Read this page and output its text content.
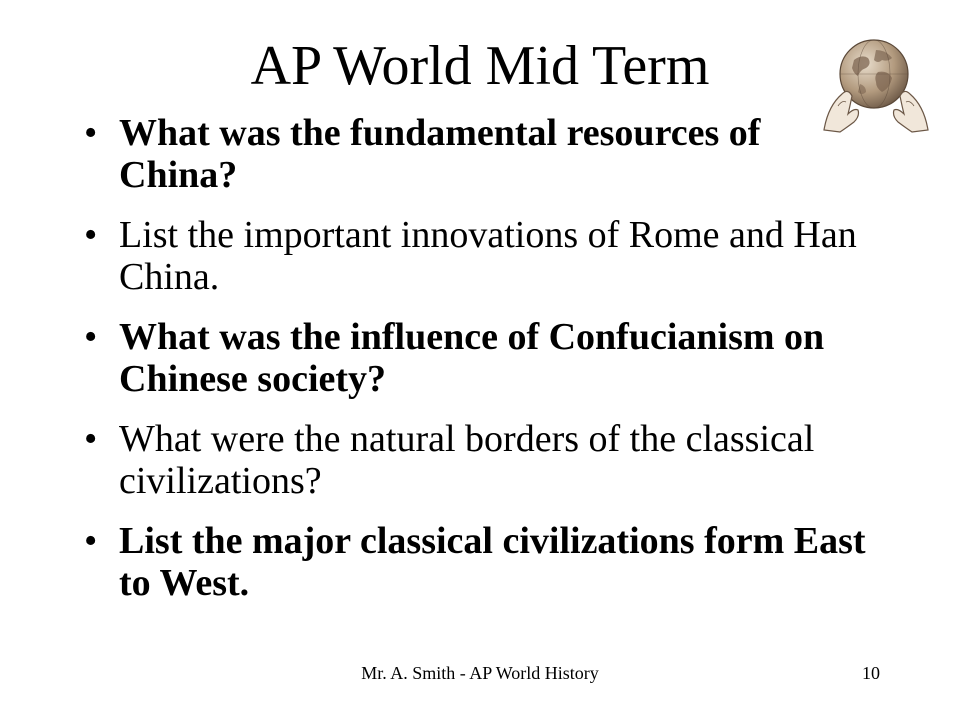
AP World Mid Term
• What was the fundamental resources of China?
• List the important innovations of Rome and Han China.
• What was the influence of Confucianism on Chinese society?
• What were the natural borders of the classical civilizations?
• List the major classical civilizations form East to West.
Mr. A. Smith - AP World History	10
